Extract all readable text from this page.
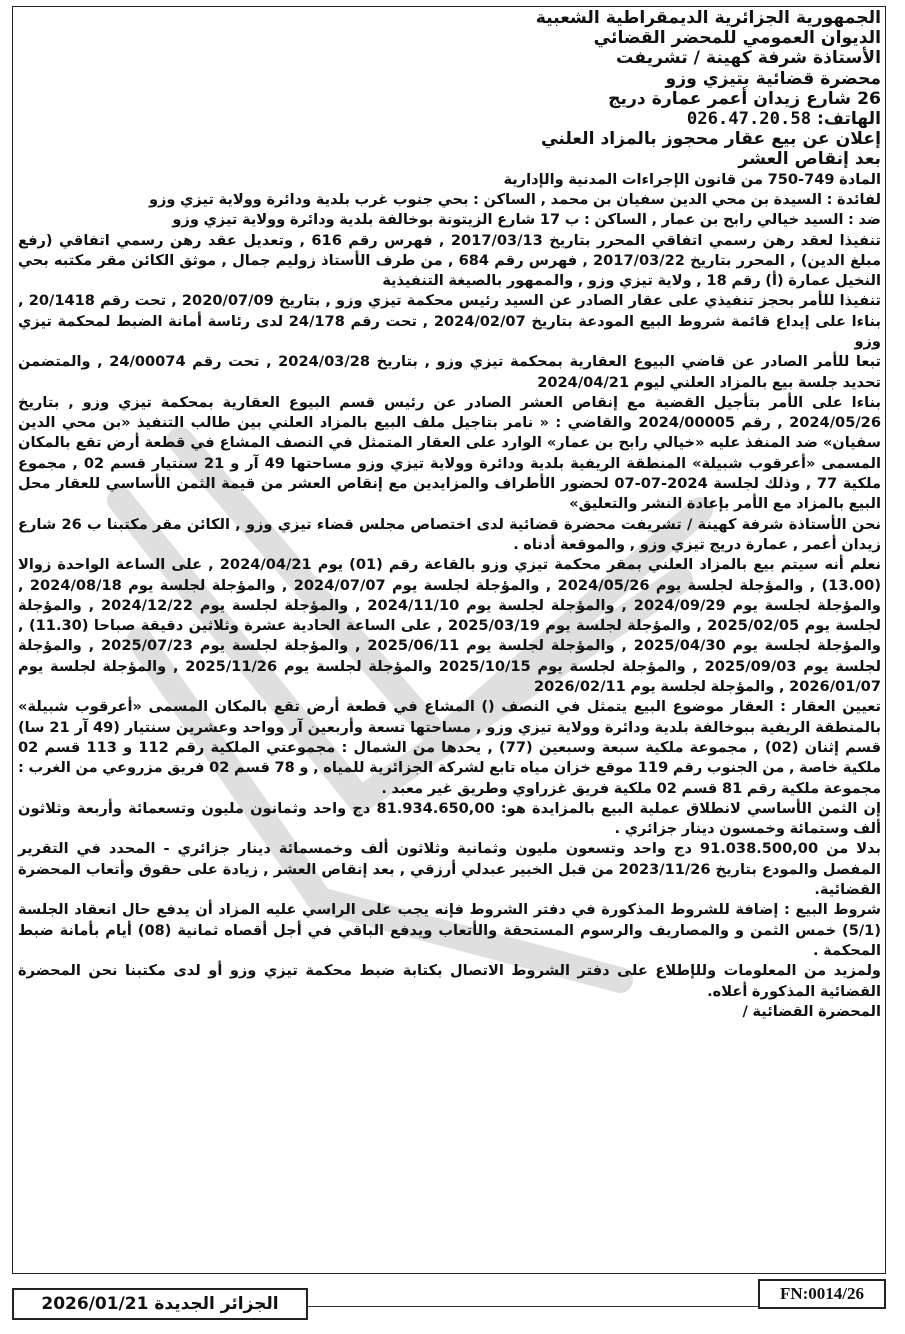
الجمهورية الجزائرية الديمقراطية الشعبية
الديوان العمومي للمحضر القضائي
الأستاذة شرفة كهينة / تشريفت
محضرة قضائية بتيزي وزو
26 شارع زيدان أعمر عمارة دريج
الهاتف: 026.47.20.58
إعلان عن بيع عقار محجوز بالمزاد العلني
بعد إنقاص العشر

المادة 749-750 من قانون الإجراءات المدنية والإدارية

لفائدة : السيدة بن محي الدين سفيان بن محمد , الساكن : بحي جنوب غرب بلدية ودائرة وولاية تيزي وزو

ضد : السيد خيالي رابح بن عمار , الساكن : ب 17 شارع الزيتونة بوخالفة بلدية ودائرة وولاية تيزي وزو

تنفيذا لعقد رهن رسمي اتفاقي المحرر بتاريخ 2017/03/13 , فهرس رقم 616 , وتعديل عقد رهن رسمي اتفاقي (رفع مبلغ الدين) , المحرر بتاريخ 2017/03/22 , فهرس رقم 684 , من طرف الأستاذ زوليم جمال , موثق الكائن مقر مكتبه بحي النخيل عمارة (أ) رقم 18 , ولاية تيزي وزو , والممهور بالصيغة التنفيذية

تنفيذا للأمر بحجز تنفيذي على عقار الصادر عن السيد رئيس محكمة تيزي وزو , بتاريخ 2020/07/09 , تحت رقم 20/1418 , بناءا على إيداع قائمة شروط البيع المودعة بتاريخ 2024/02/07 , تحت رقم 24/178 لدى رئاسة أمانة الضبط لمحكمة تيزي وزو

تبعا للأمر الصادر عن قاضي البيوع العقارية بمحكمة تيزي وزو , بتاريخ 2024/03/28 , تحت رقم 24/00074 , والمتضمن تحديد جلسة بيع بالمزاد العلني ليوم 2024/04/21

بناءا على الأمر بتأجيل القضية مع إنقاص العشر الصادر عن رئيس قسم البيوع العقارية بمحكمة تيزي وزو , بتاريخ 2024/05/26 , رقم 2024/00005 والقاضي : « نامر بتاجيل ملف البيع بالمزاد العلني بين طالب التنفيذ «بن محي الدين سفيان» ضد المنفذ عليه «خيالي رابح بن عمار» الوارد على العقار المتمثل في النصف المشاع في قطعة أرض تقع بالمكان المسمى «أعرقوب شبيلة» المنطقة الريفية بلدية ودائرة وولاية تيزي وزو مساحتها 49 آر و 21 سنتيار قسم 02 , مجموع ملكية 77 , وذلك لجلسة 2024-07-07 لحضور الأطراف والمزايدين مع إنقاص العشر من قيمة الثمن الأساسي للعقار محل البيع بالمزاد مع الأمر بإعادة النشر والتعليق»

نحن الأستاذة شرفة كهينة / تشريفت محضرة قضائية لدى اختصاص مجلس قضاء تيزي وزو , الكائن مقر مكتبنا ب 26 شارع زيدان أعمر , عمارة دريج تيزي وزو , والموقعة أدناه .

نعلم أنه سيتم بيع بالمزاد العلني بمقر محكمة تيزي وزو بالقاعة رقم (01) يوم 2024/04/21 , على الساعة الواحدة زوالا (13.00) , والمؤجلة لجلسة يوم 2024/05/26 , والمؤجلة لجلسة يوم 2024/07/07 , والمؤجلة لجلسة يوم 2024/08/18 , والمؤجلة لجلسة يوم 2024/09/29 , والمؤجلة لجلسة يوم 2024/11/10 , والمؤجلة لجلسة يوم 2024/12/22 , والمؤجلة لجلسة يوم 2025/02/05 , والمؤجلة لجلسة يوم 2025/03/19 , على الساعة الحادية عشرة وثلاثين دقيقة صباحا (11.30) , والمؤجلة لجلسة يوم 2025/04/30 , والمؤجلة لجلسة يوم 2025/06/11 , والمؤجلة لجلسة يوم 2025/07/23 , والمؤجلة لجلسة يوم 2025/09/03 , والمؤجلة لجلسة يوم 2025/10/15 والمؤجلة لجلسة يوم 2025/11/26 , والمؤجلة لجلسة يوم 2026/01/07 , والمؤجلة لجلسة يوم 2026/02/11

تعيين العقار : العقار موضوع البيع يتمثل في النصف () المشاع في قطعة أرض تقع بالمكان المسمى «أعرقوب شبيلة» بالمنطقة الريفية ببوخالفة بلدية ودائرة وولاية تيزي وزو , مساحتها تسعة وأربعين آر وواحد وعشرين سنتيار (49 آر 21 سا) قسم إثنان (02) , مجموعة ملكية سبعة وسبعين (77) , يحدها من الشمال : مجموعتي الملكية رقم 112 و 113 قسم 02 ملكية خاصة , من الجنوب رقم 119 موقع خزان مياه تابع لشركة الجزائرية للمياه , و 78 قسم 02 فريق مزروعي من الغرب : مجموعة ملكية رقم 81 قسم 02 ملكية فريق غزراوي وطريق غير معبد .

إن الثمن الأساسي لانطلاق عملية البيع بالمزايدة هو: 81.934.650,00 دج واحد وثمانون مليون وتسعمائة وأربعة وثلاثون ألف وستمائة وخمسون دينار جزائري .

بدلا من 91.038.500,00 دج واحد وتسعون مليون وثمانية وثلاثون ألف وخمسمائة دينار جزائري - المحدد في التقرير المفصل والمودع بتاريخ 2023/11/26 من قبل الخبير عبدلي أرزقي , بعد إنقاص العشر , زيادة على حقوق وأتعاب المحضرة القضائية.

شروط البيع : إضافة للشروط المذكورة في دفتر الشروط فإنه يجب على الراسي عليه المزاد أن يدفع حال انعقاد الجلسة (5/1) خمس الثمن و والمصاريف والرسوم المستحقة والأتعاب ويدفع الباقي في أجل أقصاه ثمانية (08) أيام بأمانة ضبط المحكمة .

ولمزيد من المعلومات وللإطلاع على دفتر الشروط الاتصال بكتابة ضبط محكمة تيزي وزو أو لدى مكتبنا نحن المحضرة القضائية المذكورة أعلاه.

المحضرة القضائية /

الجزائر الجديدة 2026/01/21
FN:0014/26
